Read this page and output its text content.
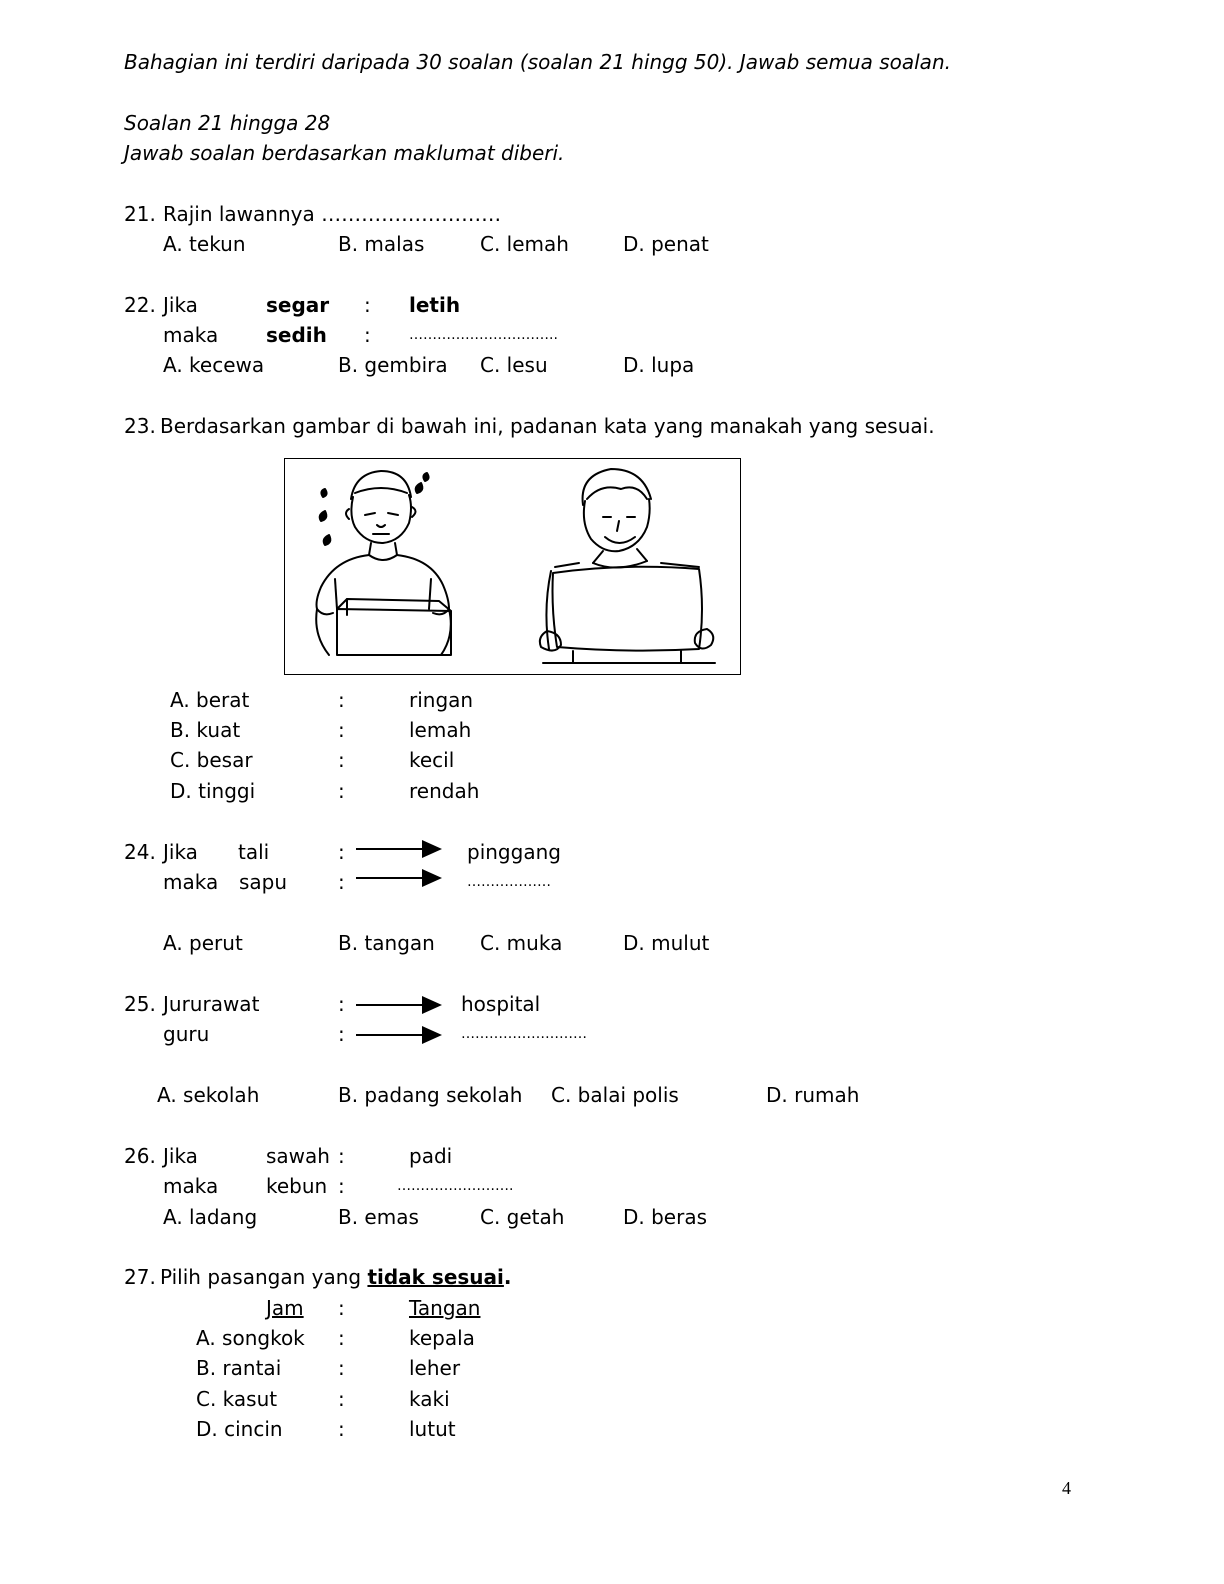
Bahagian ini terdiri daripada 30 soalan (soalan 21 hingg 50). Jawab semua soalan.
Soalan 21 hingga 28
Jawab soalan berdasarkan maklumat diberi.
21. Rajin lawannya ………………………
A. tekun	B. malas	C. lemah	D. penat
22. Jika	segar : letih
maka sedih :	…………………………..
A. kecewa	B. gembira C. lesu	D. lupa
23. Berdasarkan gambar di bawah ini, padanan kata yang manakah yang sesuai.
A. berat	:	ringan
B. kuat	:	lemah
C. besar	:	kecil
D. tinggi	:	rendah
24. Jika tali	:	pinggang
maka sapu	:	………………
A. perut	B. tangan C. muka	D. mulut
25. Jururawat	:	hospital
guru	:	………………………
A. sekolah	B. padang sekolah C. balai polis	D. rumah
26. Jika	sawah :	padi
maka kebun :	…………………….
A. ladang	B. emas	C. getah	D. beras
27. Pilih pasangan yang tidak sesuai.
Jam :	Tangan
A. songkok :	kepala
B. rantai	:	leher
C. kasut	:	kaki
D. cincin	:	lutut
4
